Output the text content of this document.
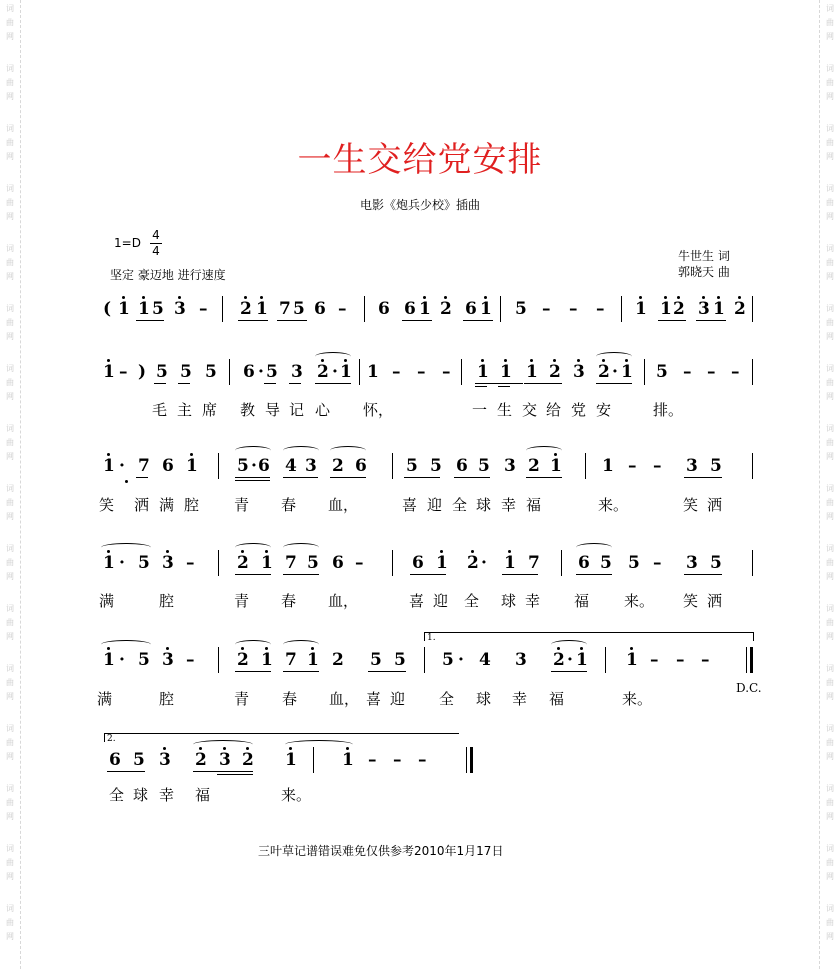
词
曲
网
词
曲
网
词
曲
网
词
曲
网
词
曲
网
词
曲
网
词
曲
网
词
曲
网
词
曲
网
词
曲
网
词
曲
网
词
曲
网
词
曲
网
词
曲
网
词
曲
网
词
曲
网
词
曲
网
词
曲
网
词
曲
网
词
曲
网
词
曲
网
词
曲
网
词
曲
网
词
曲
网
词
曲
网
词
曲
网
词
曲
网
词
曲
网
词
曲
网
词
曲
网
词
曲
网
词
曲
网
一生交给党安排
电影《炮兵少校》插曲
$1=D \frac{4}{4}$
坚定 豪迈地 进行速度
牛世生 词
郭晓天 曲
( 1 1 5 3 – 2 1 7 5 6 – 6 6 1 2 6 1 5 – – – 1 1 2 3 1 2
1 – ) 5 5 5 6 · 5 3 2 · 1 1 – – – 1 1 1 2 3 2 · 1 5 – – –
毛 主 席 教 导 记 心 怀，	一 生 交 给 党 安	排。
1 · 7 6 1 5 · 6 4 3 2 6 5 5 6 5 3 2 1 1 – – 3 5
笑 洒 满 腔 青 春 血，	喜 迎 全 球 幸 福	来。	笑 洒
1 · 5 3 –	2 1 7 5 6 –	6 1 2 · 1 7 6 5 5 – 3 5
满	腔	青 春 血，	喜 迎 全 球 幸 福 来。 笑 洒
1 · 5 3 –	2 1 7 1 2 5 5 5 · 4 3 2 · 1 1 – – –
满	腔	青 春 血， 喜 迎 全 球 幸 福	来。
6 5 3 2 3 2 1	1 – – –
全 球 幸 福	来。
1.
2.
D.C.
三叶草记谱错误难免仅供参考2010年1月17日
